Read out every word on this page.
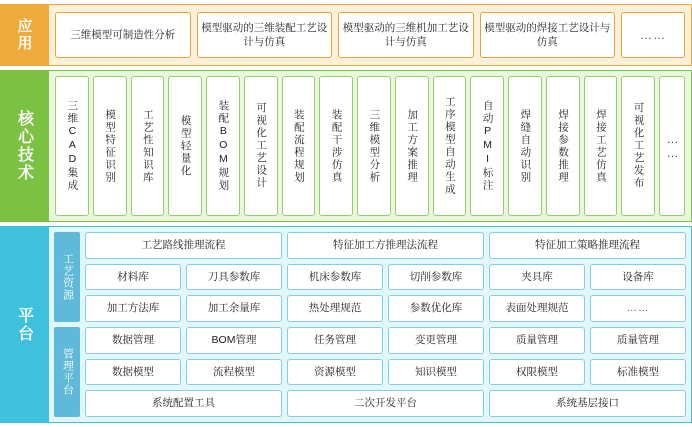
应用	三维模型可制造性分析
模型驱动的三维装配工艺设计与仿真
模型驱动的三维机加工艺设计与仿真
模型驱动的焊接工艺设计与仿真	……
核心技术	三维CAD集成 模型特征识别 工艺性知识库 模型轻量化 装配BOM规划 可视化工艺设计 装配流程规划 装配干涉仿真 三维模型分析 加工方案推理 工序模型自动生成 自动PMI标注 焊缝自动识别 焊接参数推理 焊接工艺仿真 可视化工艺发布 ……
平台
工艺资源
工艺路线推理流程	特征加工方推理法流程	特征加工策略推理流程
材料库	刀具参数库	机床参数库	切削参数库	夹具库	设备库
加工方法库	加工余量库	热处理规范	参数优化库	表面处理规范	……
管理平台
数据管理	BOM管理	任务管理	变更管理	质量管理	质量管理
数据模型	流程模型	资源模型	知识模型	权限模型	标准模型
系统配置工具	二次开发平台	系统基层接口
